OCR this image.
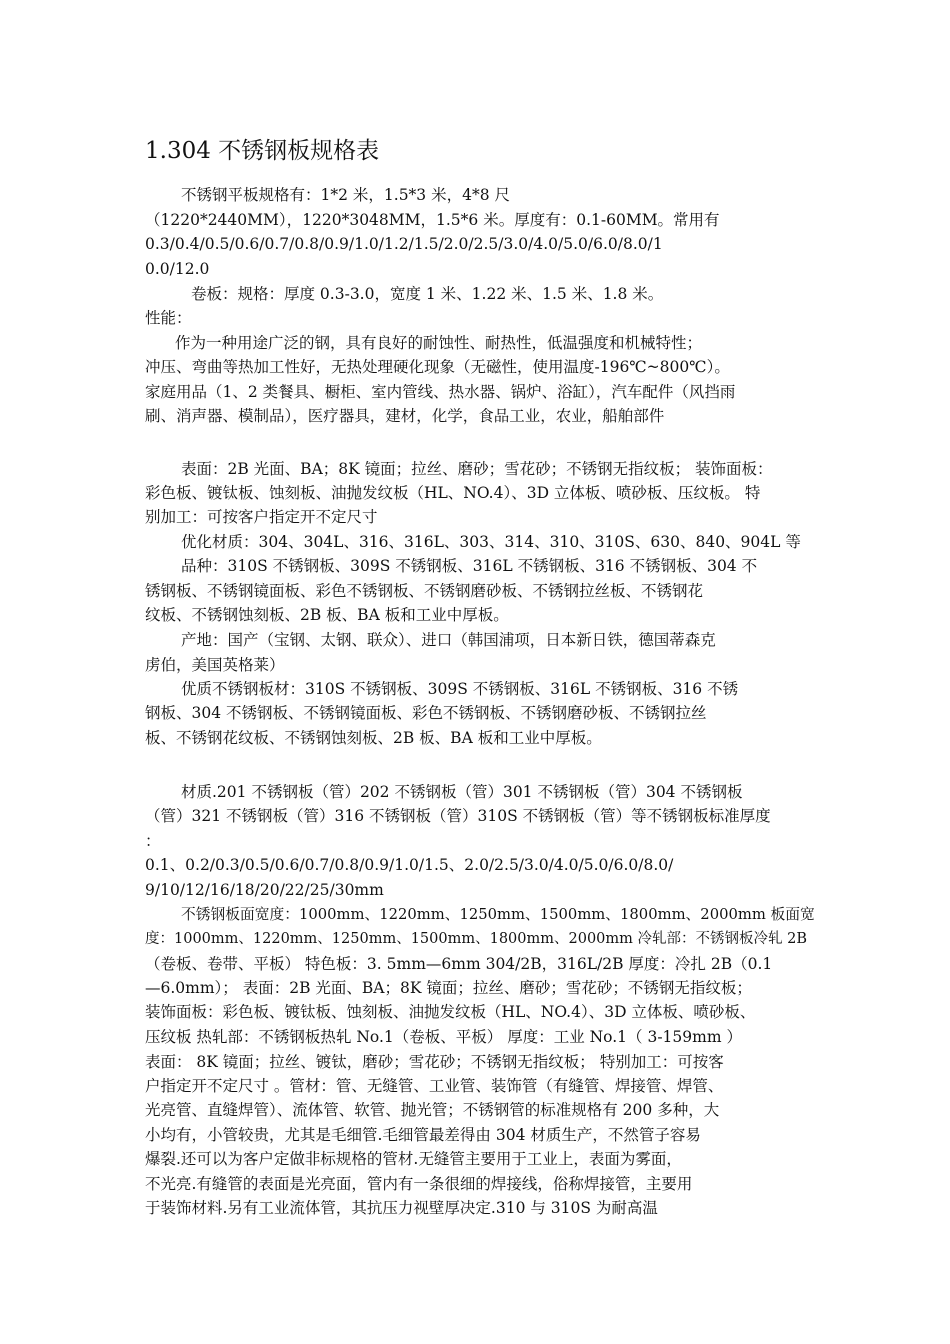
1.304 不锈钢板规格表

不锈钢平板规格有：1*2 米，1.5*3 米，4*8 尺

（1220*2440MM），1220*3048MM，1.5*6 米。厚度有：0.1-60MM。常用有

0.3/0.4/0.5/0.6/0.7/0.8/0.9/1.0/1.2/1.5/2.0/2.5/3.0/4.0/5.0/6.0/8.0/1

0.0/12.0

卷板：规格：厚度 0.3-3.0，宽度 1 米、1.22 米、1.5 米、1.8 米。

性能：

作为一种用途广泛的钢，具有良好的耐蚀性、耐热性，低温强度和机械特性；

冲压、弯曲等热加工性好，无热处理硬化现象（无磁性，使用温度-196℃~800℃）。

家庭用品（1、2 类餐具、橱柜、室内管线、热水器、锅炉、浴缸），汽车配件（风挡雨

刷、消声器、模制品），医疗器具，建材，化学，食品工业，农业，船舶部件

表面：2B 光面、BA；8K 镜面；拉丝、磨砂；雪花砂；不锈钢无指纹板； 装饰面板：

彩色板、镀钛板、蚀刻板、油抛发纹板（HL、NO.4）、3D 立体板、喷砂板、压纹板。 特

别加工：可按客户指定开不定尺寸

优化材质：304、304L、316、316L、303、314、310、310S、630、840、904L 等

品种：310S 不锈钢板、309S 不锈钢板、316L 不锈钢板、316 不锈钢板、304 不

锈钢板、不锈钢镜面板、彩色不锈钢板、不锈钢磨砂板、不锈钢拉丝板、不锈钢花

纹板、不锈钢蚀刻板、2B 板、BA 板和工业中厚板。

产地：国产（宝钢、太钢、联众）、进口（韩国浦项，日本新日铁，德国蒂森克

虏伯，美国英格莱）

优质不锈钢板材：310S 不锈钢板、309S 不锈钢板、316L 不锈钢板、316 不锈

钢板、304 不锈钢板、不锈钢镜面板、彩色不锈钢板、不锈钢磨砂板、不锈钢拉丝

板、不锈钢花纹板、不锈钢蚀刻板、2B 板、BA 板和工业中厚板。

材质.201 不锈钢板（管）202 不锈钢板（管）301 不锈钢板（管）304 不锈钢板

（管）321 不锈钢板（管）316 不锈钢板（管）310S 不锈钢板（管）等不锈钢板标准厚度

：

0.1、0.2/0.3/0.5/0.6/0.7/0.8/0.9/1.0/1.5、2.0/2.5/3.0/4.0/5.0/6.0/8.0/

9/10/12/16/18/20/22/25/30mm

不锈钢板面宽度：1000mm、1220mm、1250mm、1500mm、1800mm、2000mm 板面宽

度：1000mm、1220mm、1250mm、1500mm、1800mm、2000mm 冷轧部：不锈钢板冷轧 2B

（卷板、卷带、平板） 特色板：3. 5mm—6mm 304/2B，316L/2B 厚度：冷扎 2B（0.1

—6.0mm）； 表面：2B 光面、BA；8K 镜面；拉丝、磨砂；雪花砂；不锈钢无指纹板；

装饰面板：彩色板、镀钛板、蚀刻板、油抛发纹板（HL、NO.4）、3D 立体板、喷砂板、

压纹板 热轧部：不锈钢板热轧 No.1（卷板、平板） 厚度：工业 No.1（ 3-159mm ）

表面： 8K 镜面；拉丝、镀钛，磨砂；雪花砂；不锈钢无指纹板； 特别加工：可按客

户指定开不定尺寸 。管材：管、无缝管、工业管、装饰管（有缝管、焊接管、焊管、

光亮管、直缝焊管）、流体管、软管、抛光管；不锈钢管的标准规格有 200 多种，大

小均有，小管较贵，尤其是毛细管.毛细管最差得由 304 材质生产，不然管子容易

爆裂.还可以为客户定做非标规格的管材.无缝管主要用于工业上，表面为雾面，

不光亮.有缝管的表面是光亮面，管内有一条很细的焊接线，俗称焊接管，主要用

于装饰材料.另有工业流体管，其抗压力视壁厚决定.310 与 310S 为耐高温
